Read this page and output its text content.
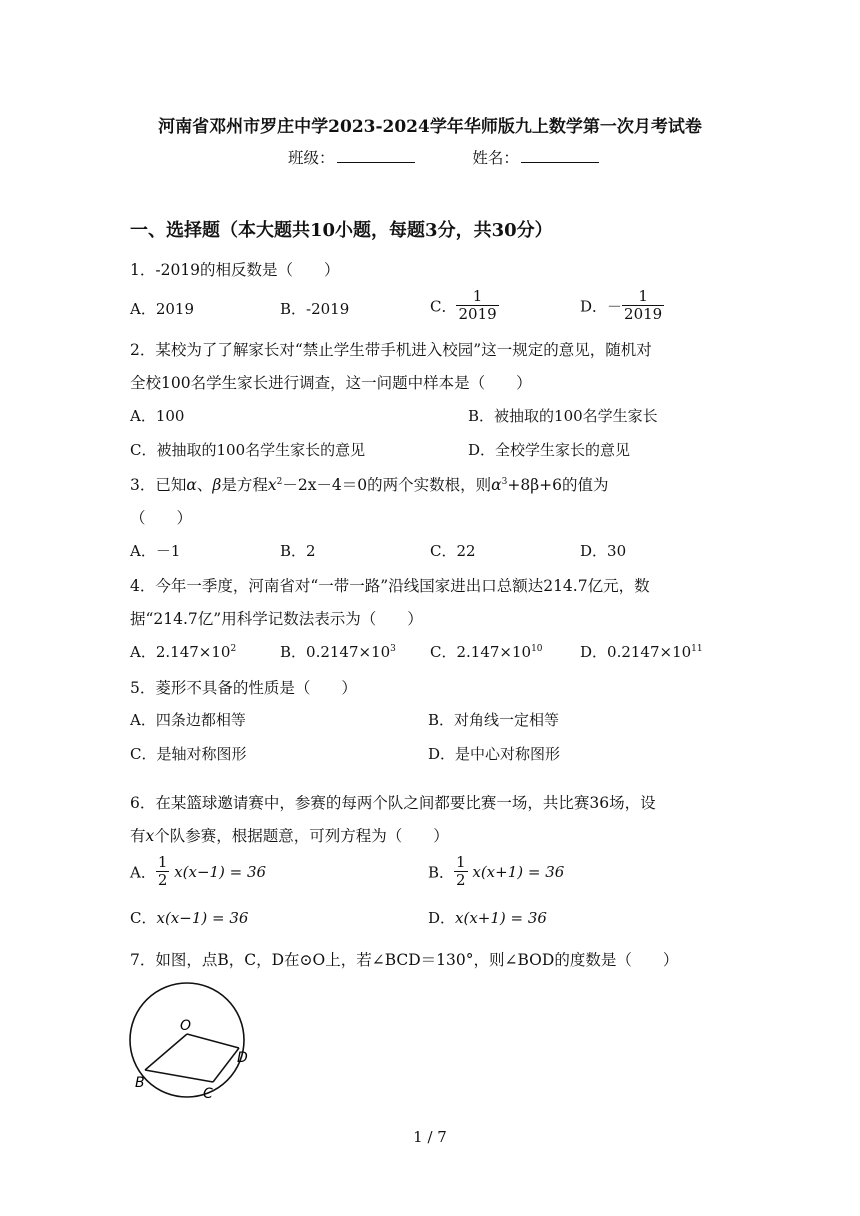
河南省邓州市罗庄中学2023-2024学年华师版九上数学第一次月考试卷
班级：	姓名：
一、选择题（本大题共10小题，每题3分，共30分）
1．-2019的相反数是（　　）
A．2019	B．-2019	C． $\frac{1}{2019}$	D．－ $\frac{1}{2019}$
2．某校为了了解家长对“禁止学生带手机进入校园”这一规定的意见，随机对
全校100名学生家长进行调查，这一问题中样本是（　　）
A．100	B．被抽取的100名学生家长
C．被抽取的100名学生家长的意见	D．全校学生家长的意见
3．已知α、β是方程$x^2-2x-4=0$的两个实数根，则$\alpha^3+8\beta+6$的值为
（　　）
A．－1	B．2	C．22	D．30
4．今年一季度，河南省对“一带一路”沿线国家进出口总额达214.7亿元，数
据“214.7亿”用科学记数法表示为（　　）
A．$2.147\times 10^2$	B．$0.2147\times 10^3$ C．$2.147\times 10^{10}$ D．$0.2147\times 10^{11}$
5．菱形不具备的性质是（　　）
A．四条边都相等	B．对角线一定相等
C．是轴对称图形	D．是中心对称图形
6．在某篮球邀请赛中，参赛的每两个队之间都要比赛一场，共比赛36场，设
有x个队参赛，根据题意，可列方程为（　　）
A． $\frac{1}{2} x(x-1) = 36$	B． $\frac{1}{2} x(x+1) = 36$
C．x(x−1) = 36	D．x(x+1) = 36
7．如图，点B，C，D在⊙O上，若∠BCD＝130°，则∠BOD的度数是（　　）
O
D
B
C
1 / 7
